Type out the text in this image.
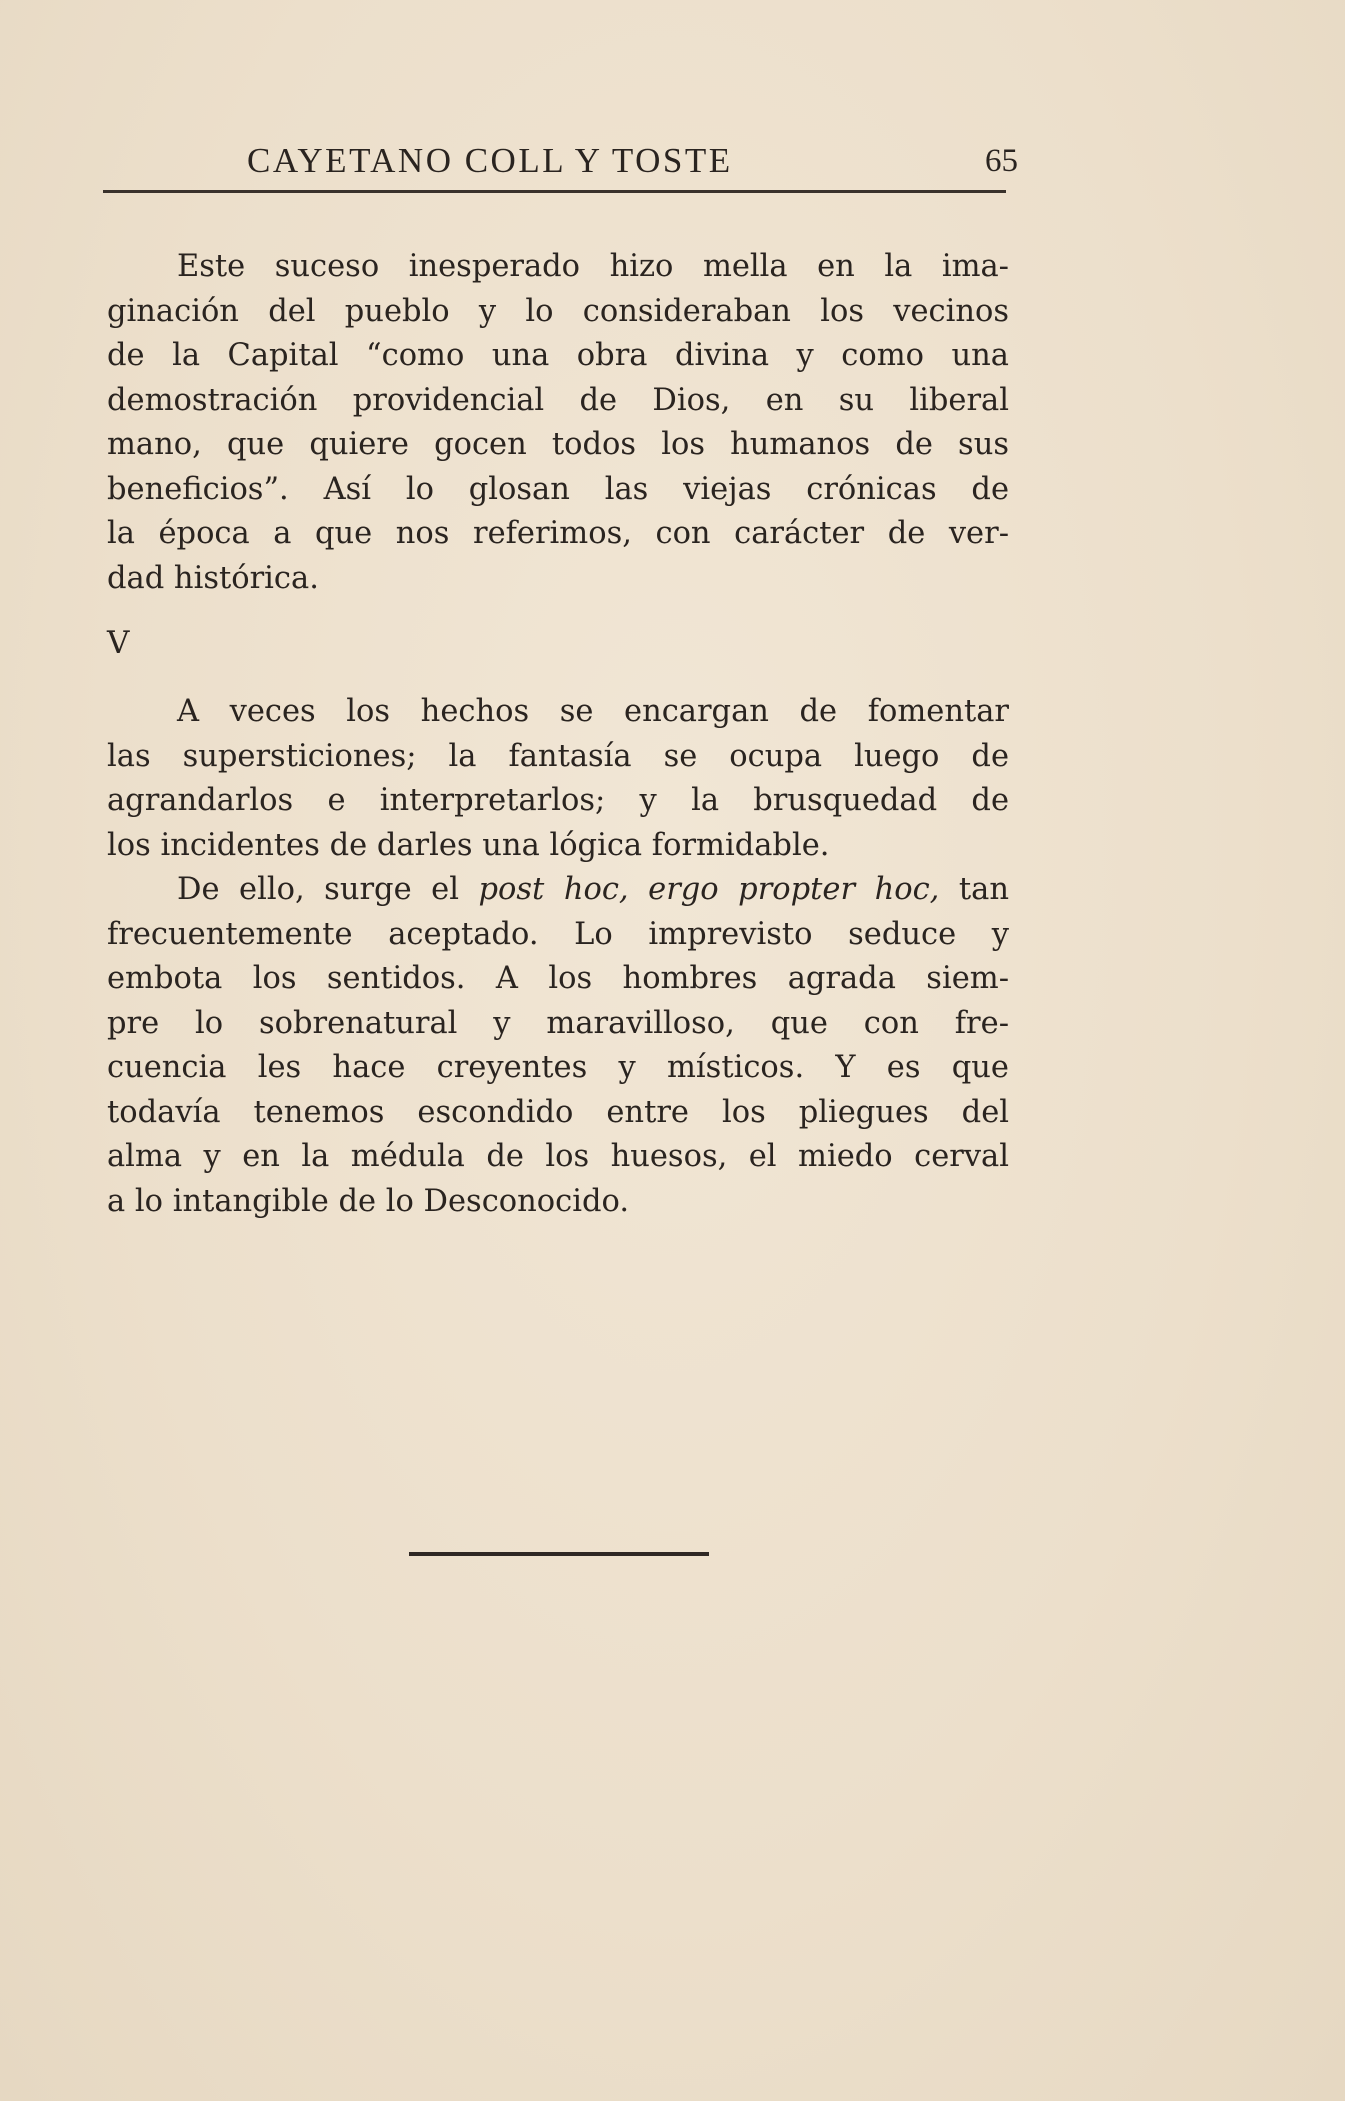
CAYETANO COLL Y TOSTE	65
Este suceso inesperado hizo mella en la ima-
ginación del pueblo y lo consideraban los vecinos
de la Capital “como una obra divina y como una
demostración providencial de Dios, en su liberal
mano, que quiere gocen todos los humanos de sus
beneficios”. Así lo glosan las viejas crónicas de
la época a que nos referimos, con carácter de ver-
dad histórica.
V
A veces los hechos se encargan de fomentar
las supersticiones; la fantasía se ocupa luego de
agrandarlos e interpretarlos; y la brusquedad de
los incidentes de darles una lógica formidable.
De ello, surge el post hoc, ergo propter hoc, tan
frecuentemente aceptado. Lo imprevisto seduce y
embota los sentidos. A los hombres agrada siem-
pre lo sobrenatural y maravilloso, que con fre-
cuencia les hace creyentes y místicos. Y es que
todavía tenemos escondido entre los pliegues del
alma y en la médula de los huesos, el miedo cerval
a lo intangible de lo Desconocido.
